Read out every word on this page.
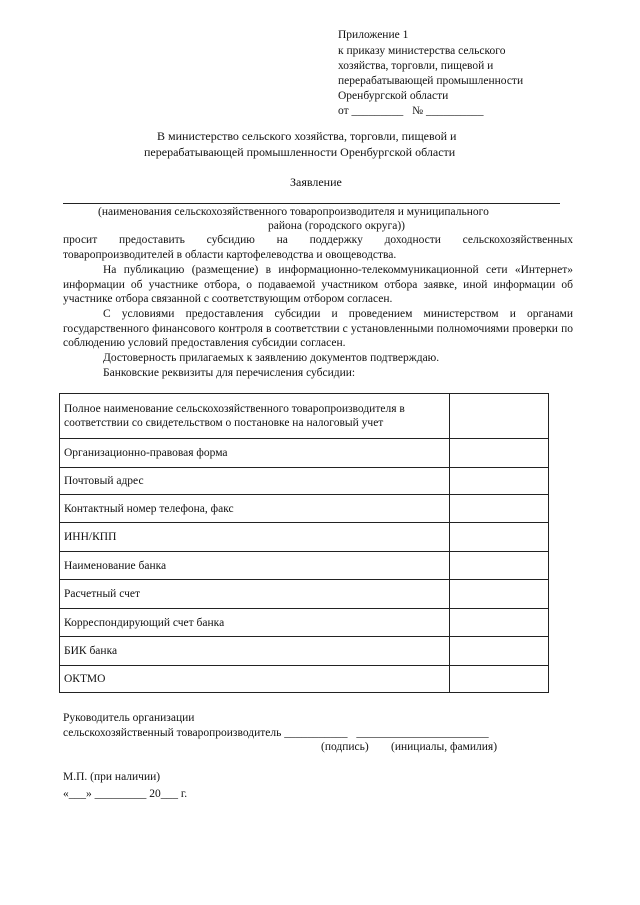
Приложение 1
к приказу министерства сельского
хозяйства, торговли, пищевой и
перерабатывающей промышленности
Оренбургской области
от _________ № __________
В министерство сельского хозяйства, торговли, пищевой и
перерабатывающей промышленности Оренбургской области
Заявление
(наименования сельскохозяйственного товаропроизводителя и муниципального
района (городского округа))
просит предоставить субсидию на поддержку доходности сельскохозяйственных товаропроизводителей в области картофелеводства и овощеводства.
На публикацию (размещение) в информационно-телекоммуникационной сети «Интернет» информации об участнике отбора, о подаваемой участником отбора заявке, иной информации об участнике отбора связанной с соответствующим отбором согласен.
С условиями предоставления субсидии и проведением министерством и органами государственного финансового контроля в соответствии с установленными полномочиями проверки по соблюдению условий предоставления субсидии согласен.
Достоверность прилагаемых к заявлению документов подтверждаю.
Банковские реквизиты для перечисления субсидии:
Полное наименование сельскохозяйственного товаропроизводителя в соответствии со свидетельством о постановке на налоговый учет	
Организационно-правовая форма	
Почтовый адрес	
Контактный номер телефона, факс	
ИНН/КПП	
Наименование банка	
Расчетный счет	
Корреспондирующий счет банка	
БИК банка	
ОКТМО	
Руководитель организации
сельскохозяйственный товаропроизводитель ___________ _______________________
(подпись) (инициалы, фамилия)
М.П. (при наличии)
«___» _________ 20___ г.
